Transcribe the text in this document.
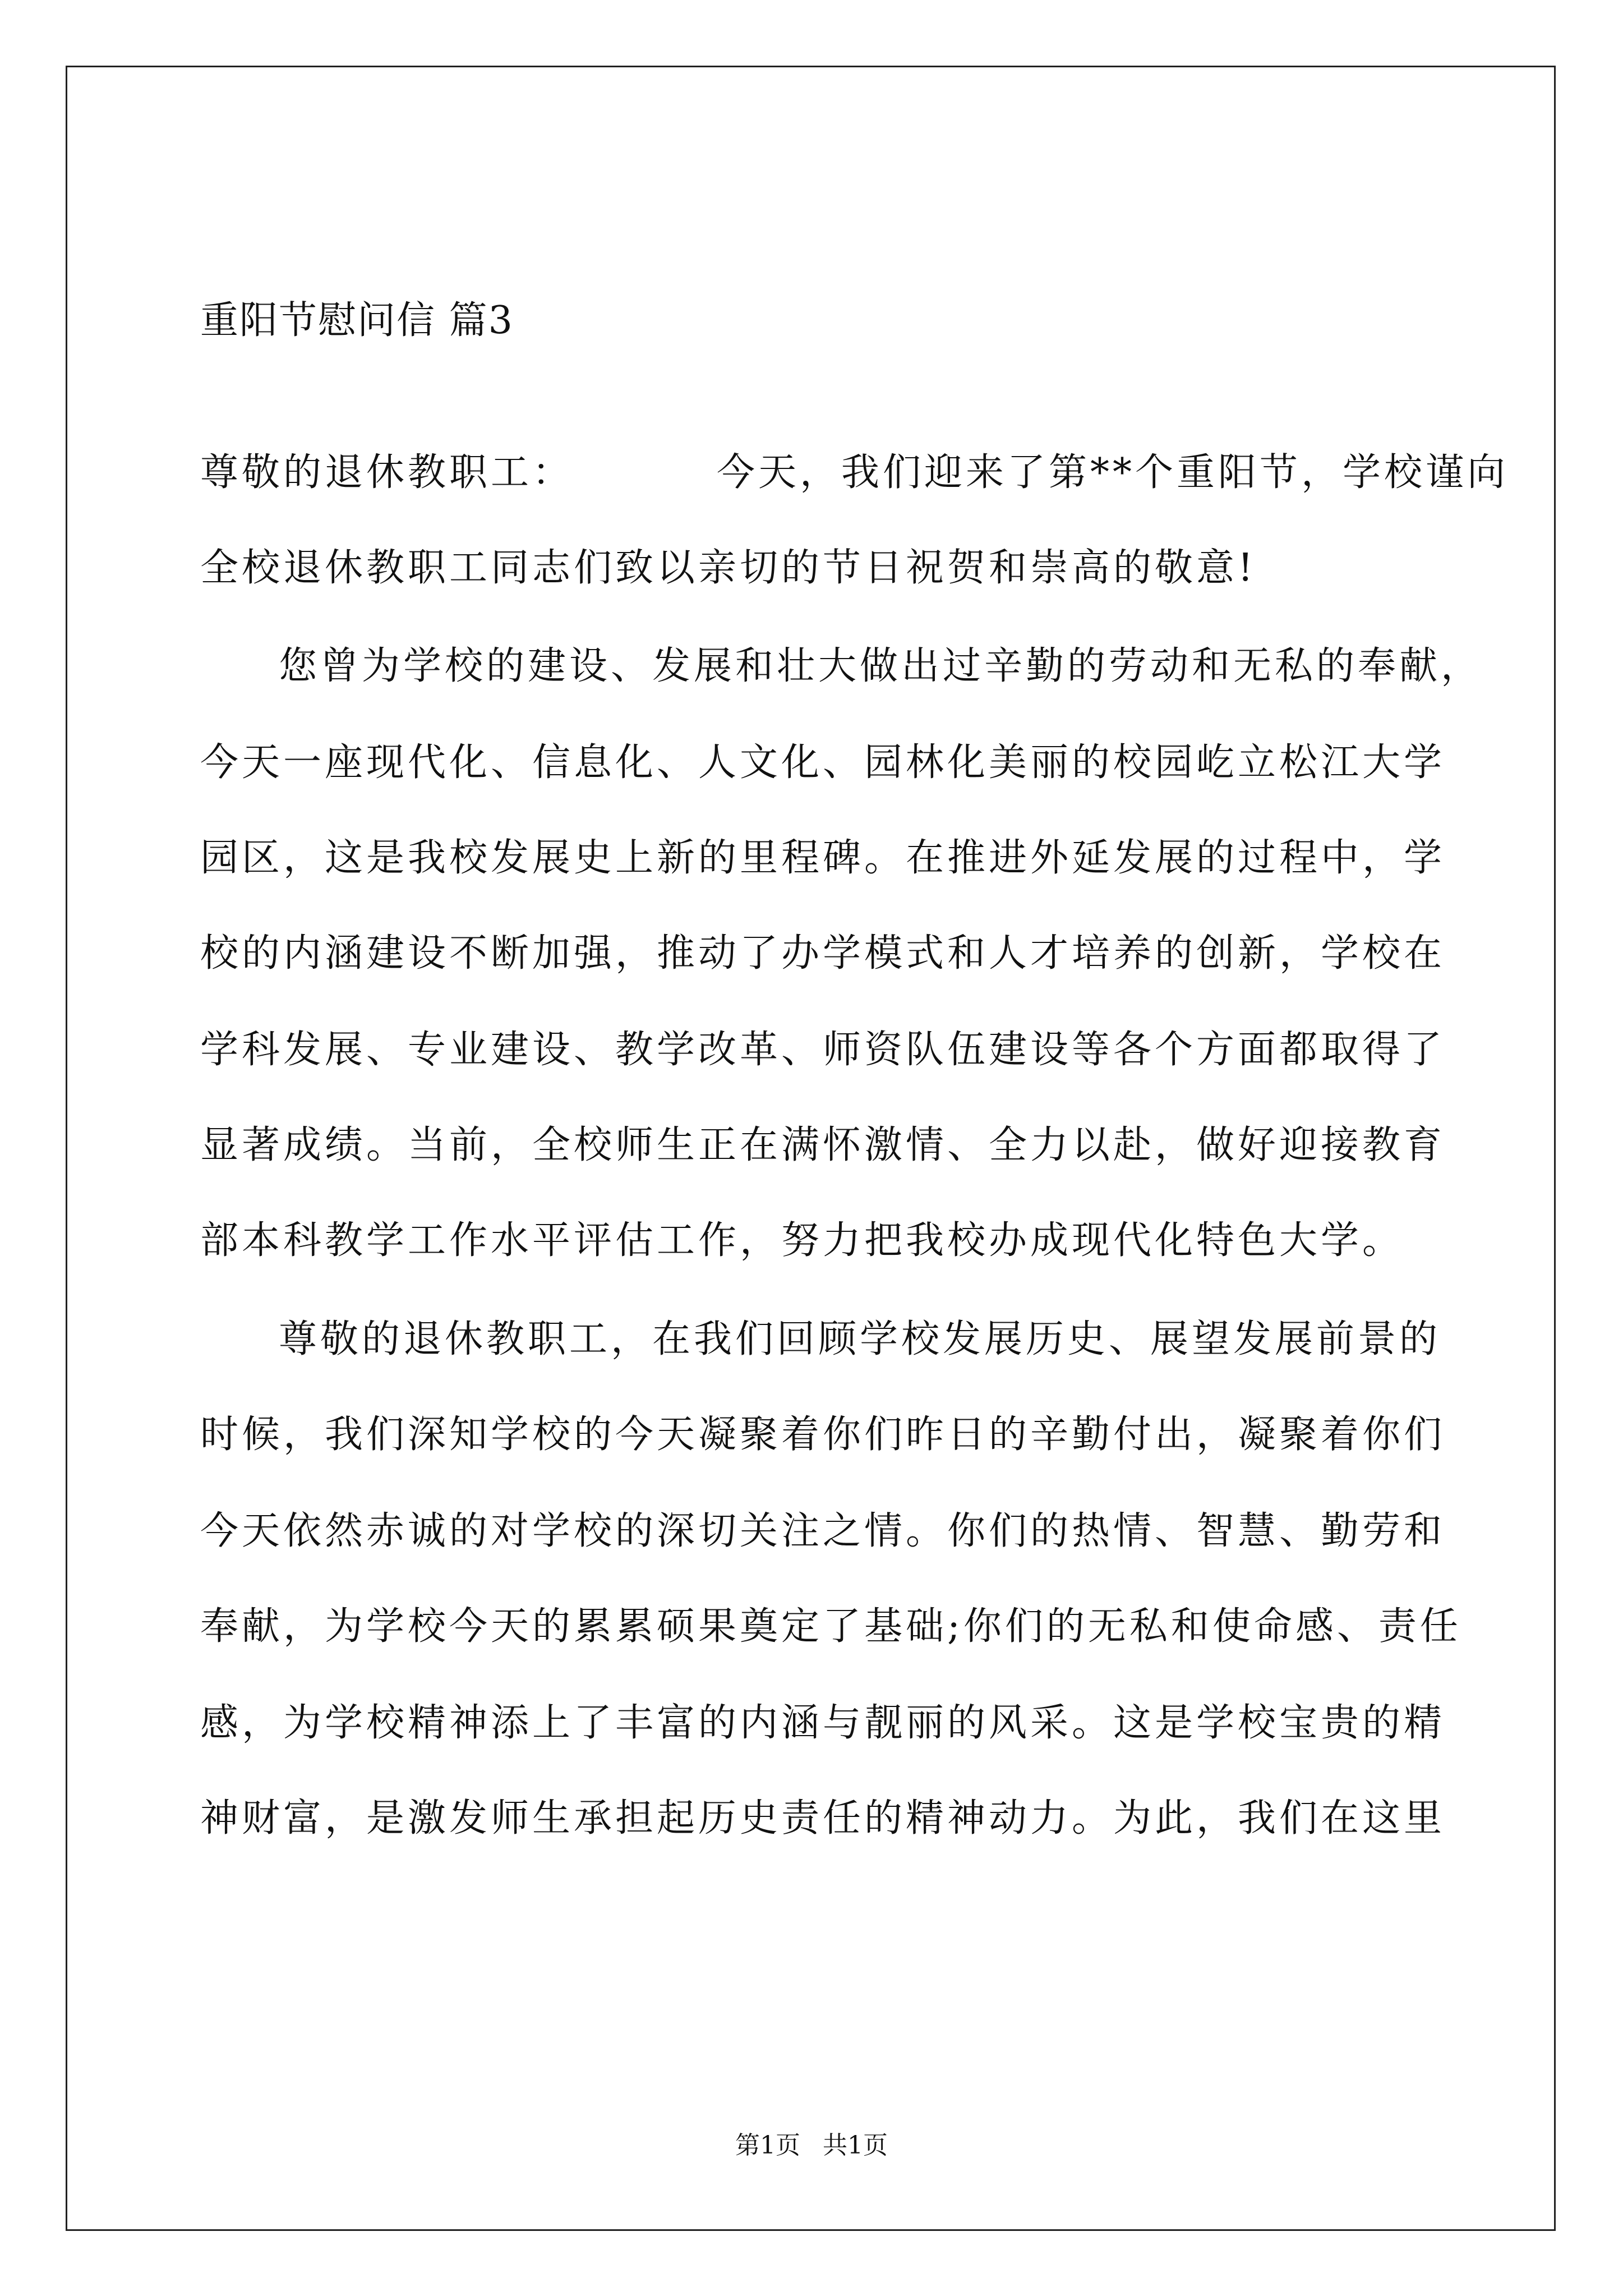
重阳节慰问信 篇3
尊敬的退休教职工：	今天，我们迎来了第**个重阳节，学校谨向
全校退休教职工同志们致以亲切的节日祝贺和崇高的敬意!
您曾为学校的建设、发展和壮大做出过辛勤的劳动和无私的奉献，
今天一座现代化、信息化、人文化、园林化美丽的校园屹立松江大学
园区，这是我校发展史上新的里程碑。在推进外延发展的过程中，学
校的内涵建设不断加强，推动了办学模式和人才培养的创新，学校在
学科发展、专业建设、教学改革、师资队伍建设等各个方面都取得了
显著成绩。当前，全校师生正在满怀激情、全力以赴，做好迎接教育
部本科教学工作水平评估工作，努力把我校办成现代化特色大学。
尊敬的退休教职工，在我们回顾学校发展历史、展望发展前景的
时候，我们深知学校的今天凝聚着你们昨日的辛勤付出，凝聚着你们
今天依然赤诚的对学校的深切关注之情。你们的热情、智慧、勤劳和
奉献，为学校今天的累累硕果奠定了基础;你们的无私和使命感、责任
感，为学校精神添上了丰富的内涵与靓丽的风采。这是学校宝贵的精
神财富，是激发师生承担起历史责任的精神动力。为此，我们在这里
第1页 共1页
